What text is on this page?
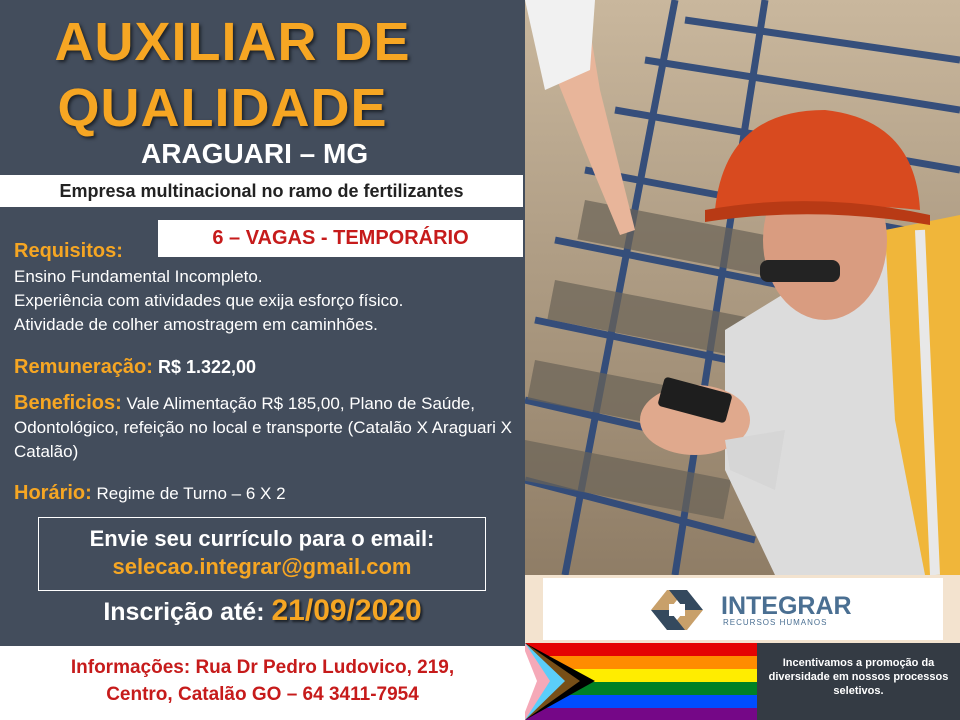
AUXILIAR DE
QUALIDADE
ARAGUARI – MG
Empresa multinacional no ramo de fertilizantes
6 – VAGAS - TEMPORÁRIO
Requisitos:
Ensino Fundamental Incompleto.
Experiência com atividades que exija esforço físico.
Atividade de colher amostragem em caminhões.
Remuneração: R$ 1.322,00
Beneficios: Vale Alimentação R$ 185,00, Plano de Saúde, Odontológico, refeição no local e transporte (Catalão X Araguari X Catalão)
Horário: Regime de Turno – 6 X 2
Envie seu currículo para o email:
selecao.integrar@gmail.com
Inscrição até: 21/09/2020
Informações: Rua Dr Pedro Ludovico, 219,
Centro, Catalão GO – 64 3411-7954
INTEGRAR
RECURSOS HUMANOS
Incentivamos a promoção da diversidade em nossos processos seletivos.
